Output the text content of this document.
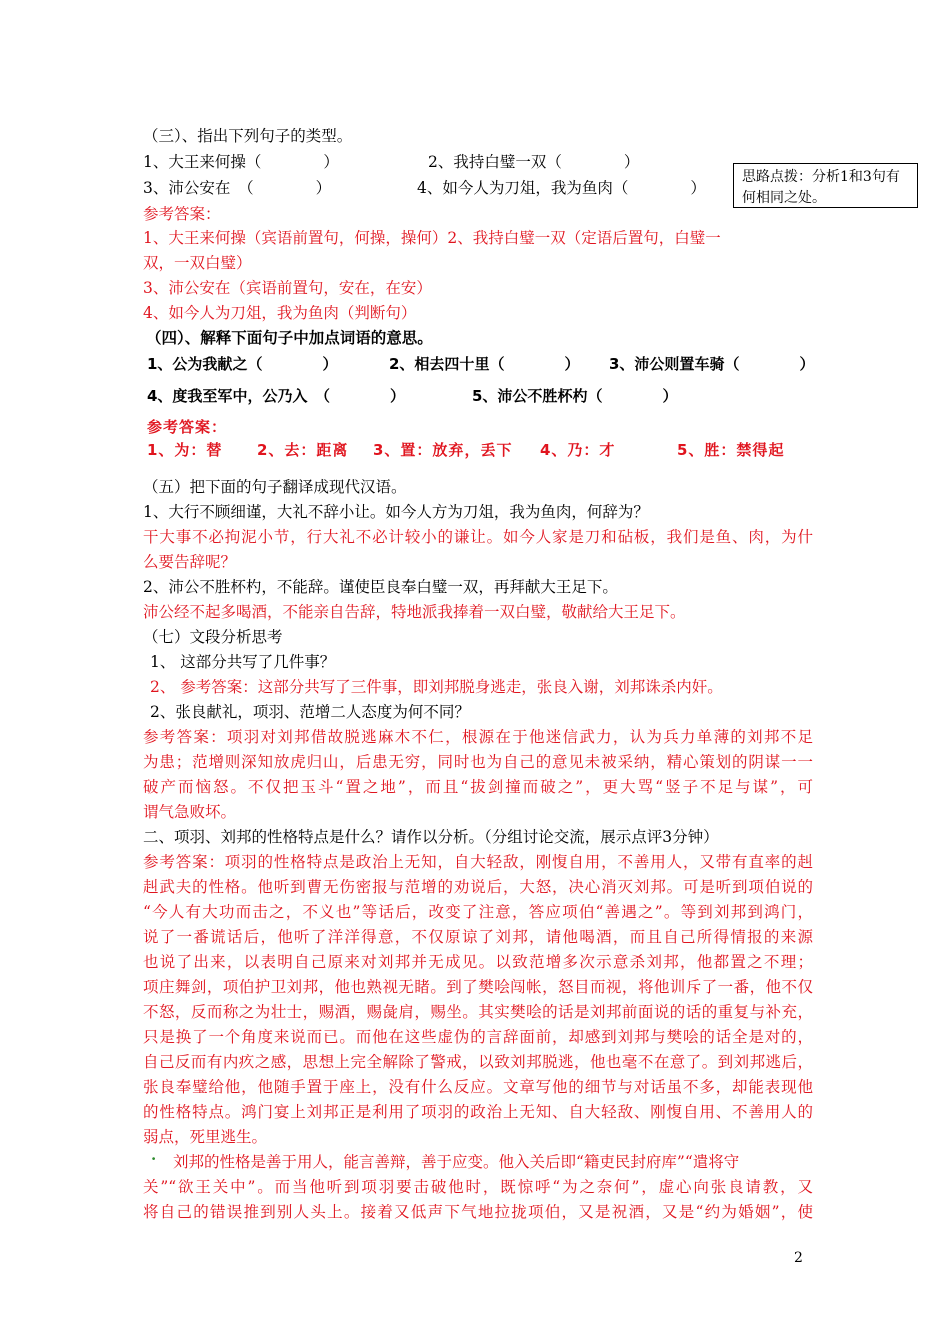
（三）、指出下列句子的类型。
1、大王来何操（　　　　）	2、我持白璧一双（　　　　）
3、沛公安在　（　　　　）	4、如今人为刀俎，我为鱼肉（　　　　）
思路点拨：分析1和3句有何相同之处。
参考答案：
1、大王来何操（宾语前置句，何操，操何）2、我持白璧一双（定语后置句，白璧一
双，一双白璧）
3、沛公安在（宾语前置句，安在，在安）
4、如今人为刀俎，我为鱼肉（判断句）
（四）、解释下面句子中加点词语的意思。
1、公为我献之（　　　　）	2、相去四十里（　　　　） 3、沛公则置车骑（　　　　）
4、度我至军中，公乃入　（　　　　）	5、沛公不胜杯杓（　　　　）
参考答案：
1、为：替 2、去：距离 3、置：放弃，丢下 4、乃：才	5、胜：禁得起
（五）把下面的句子翻译成现代汉语。
1、大行不顾细谨，大礼不辞小让。如今人方为刀俎，我为鱼肉，何辞为？
干大事不必拘泥小节，行大礼不必计较小的谦让。如今人家是刀和砧板，我们是鱼、肉，为什
么要告辞呢？
2、沛公不胜杯杓，不能辞。谨使臣良奉白璧一双，再拜献大王足下。
沛公经不起多喝酒，不能亲自告辞，特地派我捧着一双白璧，敬献给大王足下。
（七）文段分析思考
1、 这部分共写了几件事？
2、 参考答案：这部分共写了三件事，即刘邦脱身逃走，张良入谢，刘邦诛杀内奸。
2、张良献礼，项羽、范增二人态度为何不同？
参考答案：项羽对刘邦借故脱逃麻木不仁，根源在于他迷信武力，认为兵力单薄的刘邦不足
为患；范增则深知放虎归山，后患无穷，同时也为自己的意见未被采纳，精心策划的阴谋一一
破产而恼怒。不仅把玉斗“置之地”，而且“拔剑撞而破之”，更大骂“竖子不足与谋”，可
谓气急败坏。
二、项羽、刘邦的性格特点是什么？请作以分析。（分组讨论交流，展示点评3分钟）
参考答案：项羽的性格特点是政治上无知，自大轻敌，刚愎自用，不善用人，又带有直率的赳
赳武夫的性格。他听到曹无伤密报与范增的劝说后，大怒，决心消灭刘邦。可是听到项伯说的
“今人有大功而击之，不义也”等话后，改变了注意，答应项伯“善遇之”。等到刘邦到鸿门，
说了一番谎话后，他听了洋洋得意，不仅原谅了刘邦，请他喝酒，而且自己所得情报的来源
也说了出来，以表明自己原来对刘邦并无成见。以致范增多次示意杀刘邦，他都置之不理；
项庄舞剑，项伯护卫刘邦，他也熟视无睹。到了樊哙闯帐，怒目而视，将他训斥了一番，他不仅
不怒，反而称之为壮士，赐酒，赐彘肩，赐坐。其实樊哙的话是刘邦前面说的话的重复与补充，
只是换了一个角度来说而已。而他在这些虚伪的言辞面前，却感到刘邦与樊哙的话全是对的，
自己反而有内疚之感，思想上完全解除了警戒，以致刘邦脱逃，他也毫不在意了。到刘邦逃后，
张良奉璧给他，他随手置于座上，没有什么反应。文章写他的细节与对话虽不多，却能表现他
的性格特点。鸿门宴上刘邦正是利用了项羽的政治上无知、自大轻敌、刚愎自用、不善用人的
弱点，死里逃生。
. 刘邦的性格是善于用人，能言善辩，善于应变。他入关后即“籍吏民封府库”“遣将守
关”“欲王关中”。而当他听到项羽要击破他时，既惊呼“为之奈何”，虚心向张良请教，又
将自己的错误推到别人头上。接着又低声下气地拉拢项伯，又是祝酒，又是“约为婚姻”，使
2
